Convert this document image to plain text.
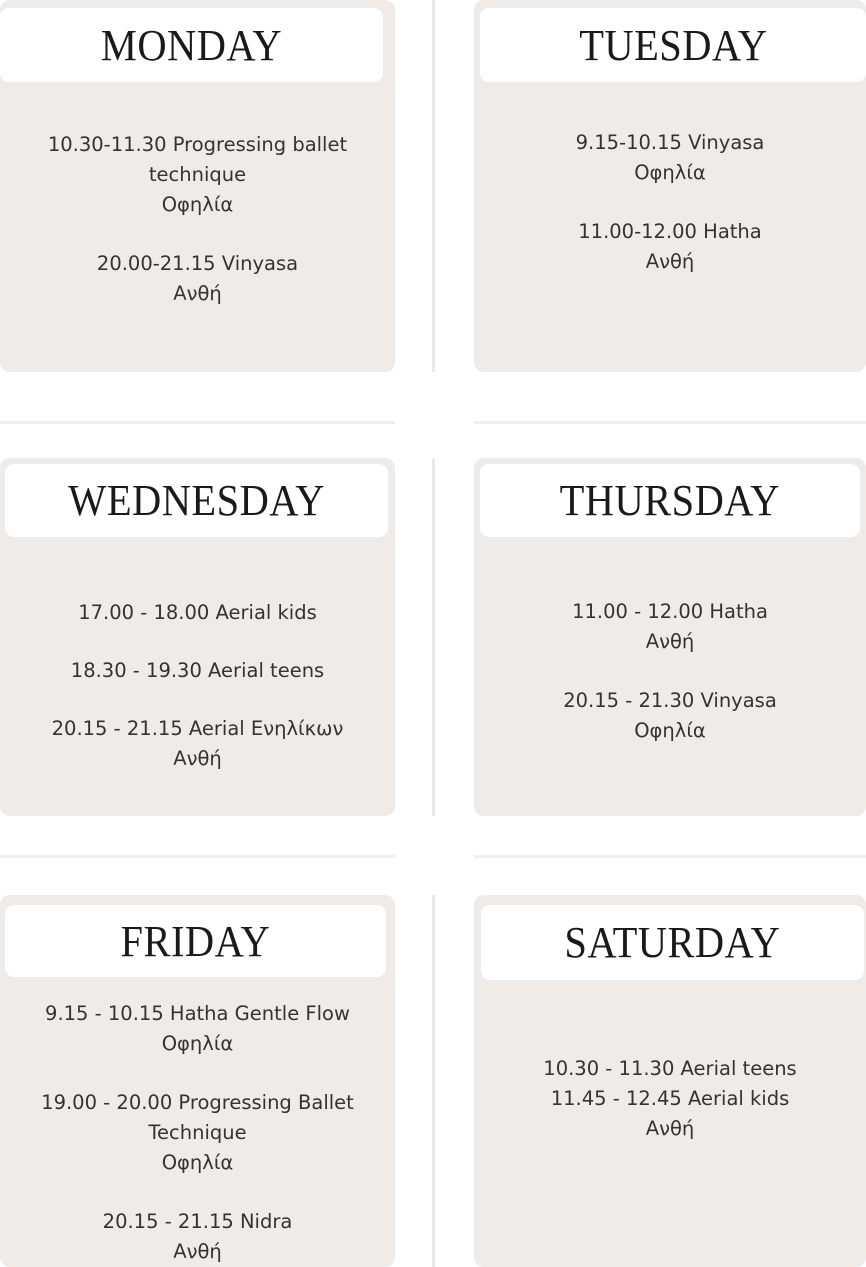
MONDAY
10.30-11.30 Progressing ballet
technique
Οφηλία
20.00-21.15 Vinyasa
Ανθή
TUESDAY
9.15-10.15 Vinyasa
Οφηλία
11.00-12.00 Hatha
Ανθή
WEDNESDAY
17.00 - 18.00 Aerial kids
18.30 - 19.30 Aerial teens
20.15 - 21.15 Aerial Ενηλίκων
Ανθή
THURSDAY
11.00 - 12.00 Hatha
Ανθή
20.15 - 21.30 Vinyasa
Οφηλία
FRIDAY
9.15 - 10.15 Hatha Gentle Flow
Οφηλία
19.00 - 20.00 Progressing Ballet
Technique
Οφηλία
20.15 - 21.15 Nidra
Ανθή
SATURDAY
10.30 - 11.30 Aerial teens
11.45 - 12.45 Aerial kids
Ανθή
